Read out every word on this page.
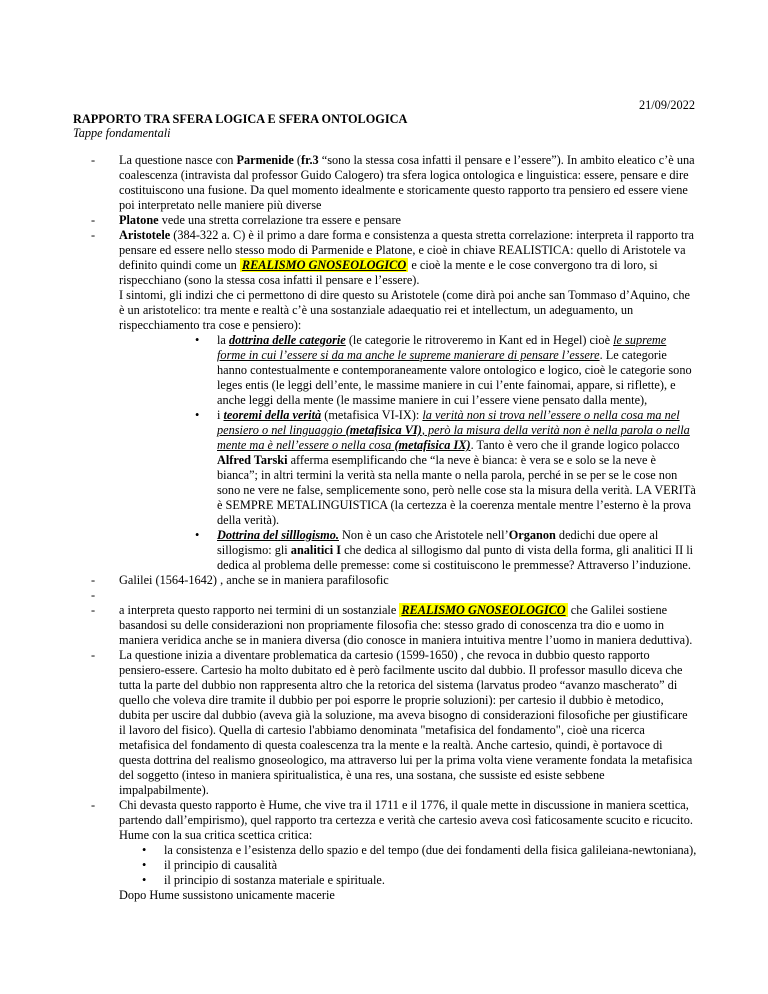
21/09/2022
RAPPORTO TRA SFERA LOGICA E SFERA ONTOLOGICA
Tappe fondamentali
- La questione nasce con Parmenide (fr.3 “sono la stessa cosa infatti il pensare e l’essere”). In ambito eleatico c’è una coalescenza (intravista dal professor Guido Calogero) tra sfera logica ontologica e linguistica: essere, pensare e dire costituiscono una fusione. Da quel momento idealmente e storicamente questo rapporto tra pensiero ed essere viene poi interpretato nelle maniere più diverse
- Platone vede una stretta correlazione tra essere e pensare
- Aristotele (384-322 a. C) è il primo a dare forma e consistenza a questa stretta correlazione: interpreta il rapporto tra pensare ed essere nello stesso modo di Parmenide e Platone, e cioè in chiave REALISTICA: quello di Aristotele va definito quindi come un REALISMO GNOSEOLOGICO e cioè la mente e le cose convergono tra di loro, si rispecchiano (sono la stessa cosa infatti il pensare e l’essere).
I sintomi, gli indizi che ci permettono di dire questo su Aristotele (come dirà poi anche san Tommaso d’Aquino, che è un aristotelico: tra mente e realtà c’è una sostanziale adaequatio rei et intellectum, un adeguamento, un rispecchiamento tra cose e pensiero):
• la dottrina delle categorie (le categorie le ritroveremo in Kant ed in Hegel) cioè le supreme forme in cui l’essere si da ma anche le supreme manierare di pensare l’essere. Le categorie hanno contestualmente e contemporaneamente valore ontologico e logico, cioè le categorie sono leges entis (le leggi dell’ente, le massime maniere in cui l’ente fainomai, appare, si riflette), e anche leggi della mente (le massime maniere in cui l’essere viene pensato dalla mente),
• i teoremi della verità (metafisica VI-IX): la verità non si trova nell’essere o nella cosa ma nel pensiero o nel linguaggio (metafisica VI), però la misura della verità non è nella parola o nella mente ma è nell’essere o nella cosa (metafisica IX). Tanto è vero che il grande logico polacco Alfred Tarski afferma esemplificando che “la neve è bianca: è vera se e solo se la neve è bianca”; in altri termini la verità sta nella mante o nella parola, perché in se per se le cose non sono ne vere ne false, semplicemente sono, però nelle cose sta la misura della verità. LA VERITà è SEMPRE METALINGUISTICA (la certezza è la coerenza mentale mentre l’esterno è la prova della verità).
• Dottrina del silllogismo. Non è un caso che Aristotele nell’Organon dedichi due opere al sillogismo: gli analitici I che dedica al sillogismo dal punto di vista della forma, gli analitici II li dedica al problema delle premesse: come si costituiscono le premmesse? Attraverso l’induzione.
- Galilei (1564-1642) , anche se in maniera parafilosofic
-
- a interpreta questo rapporto nei termini di un sostanziale REALISMO GNOSEOLOGICO che Galilei sostiene basandosi su delle considerazioni non propriamente filosofia che: stesso grado di conoscenza tra dio e uomo in maniera veridica anche se in maniera diversa (dio conosce in maniera intuitiva mentre l’uomo in maniera deduttiva).
- La questione inizia a diventare problematica da cartesio (1599-1650) , che revoca in dubbio questo rapporto pensiero-essere. Cartesio ha molto dubitato ed è però facilmente uscito dal dubbio. Il professor masullo diceva che tutta la parte del dubbio non rappresenta altro che la retorica del sistema (larvatus prodeo “avanzo mascherato” di quello che voleva dire tramite il dubbio per poi esporre le proprie soluzioni): per cartesio il dubbio è metodico, dubita per uscire dal dubbio (aveva già la soluzione, ma aveva bisogno di considerazioni filosofiche per giustificare il lavoro del fisico). Quella di cartesio l'abbiamo denominata "metafisica del fondamento", cioè una ricerca metafisica del fondamento di questa coalescenza tra la mente e la realtà. Anche cartesio, quindi, è portavoce di questa dottrina del realismo gnoseologico, ma attraverso lui per la prima volta viene veramente fondata la metafisica del soggetto (inteso in maniera spiritualistica, è una res, una sostana, che sussiste ed esiste sebbene impalpabilmente).
- Chi devasta questo rapporto è Hume, che vive tra il 1711 e il 1776, il quale mette in discussione in maniera scettica, partendo dall’empirismo), quel rapporto tra certezza e verità che cartesio aveva così faticosamente scucito e ricucito. Hume con la sua critica scettica critica:
• la consistenza e l’esistenza dello spazio e del tempo (due dei fondamenti della fisica galileiana-newtoniana),
• il principio di causalità
• il principio di sostanza materiale e spirituale.
Dopo Hume sussistono unicamente macerie
